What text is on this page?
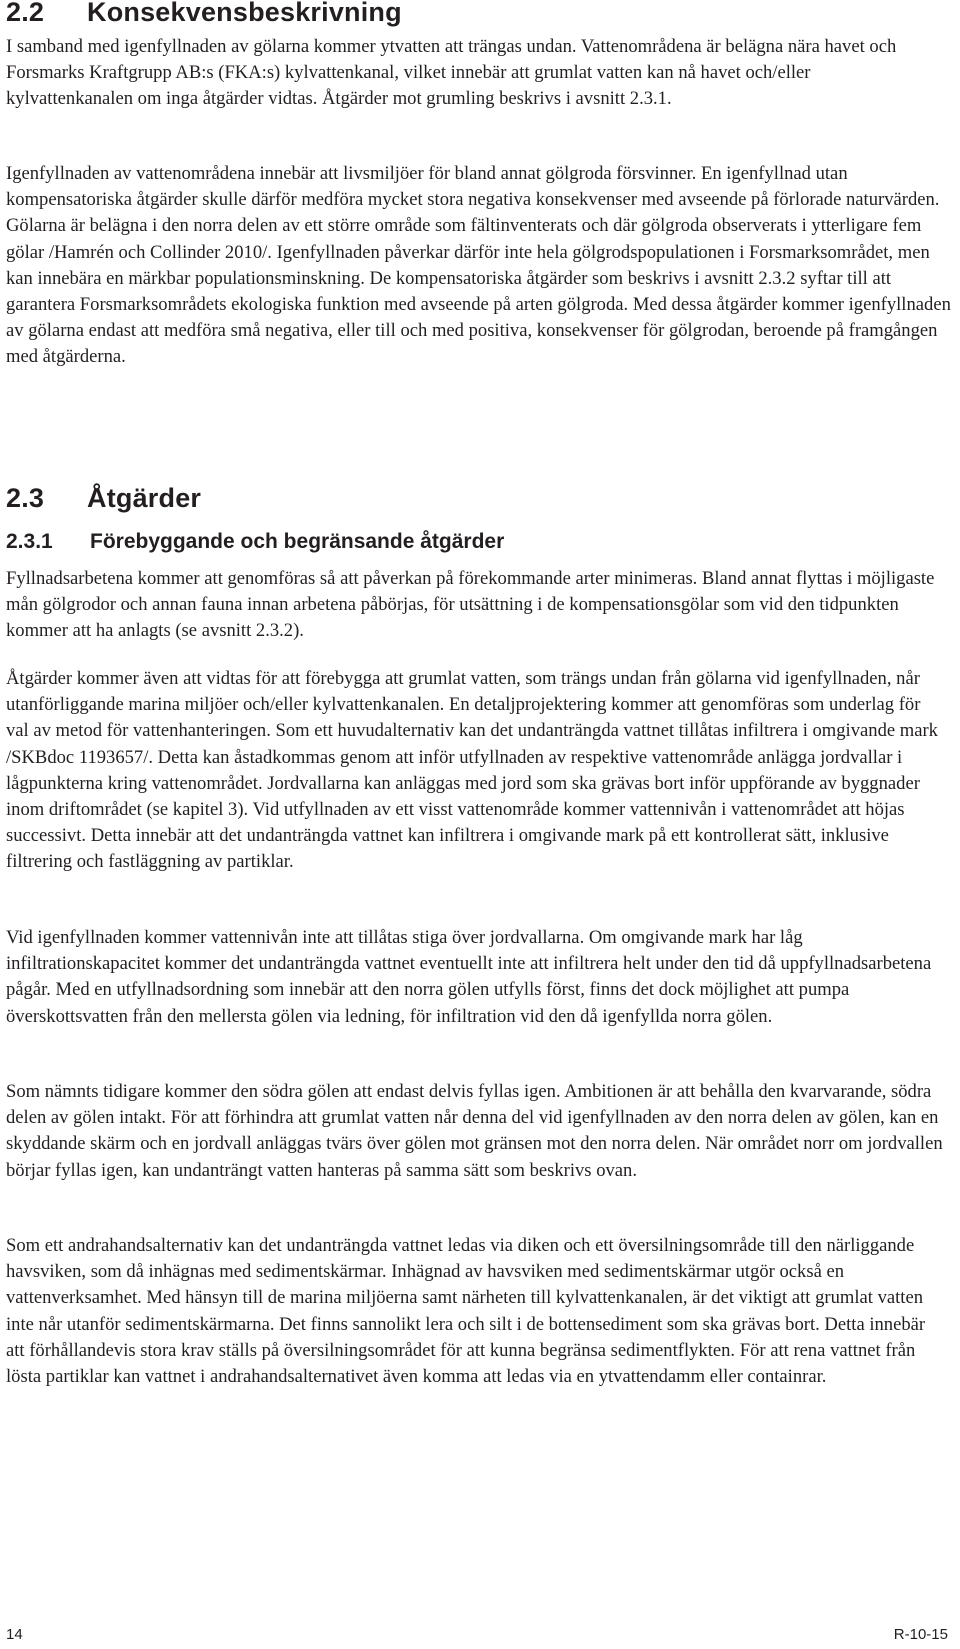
2.2 Konsekvensbeskrivning

I samband med igenfyllnaden av gölarna kommer ytvatten att trängas undan. Vattenområdena är belägna nära havet och Forsmarks Kraftgrupp AB:s (FKA:s) kylvattenkanal, vilket innebär att grumlat vatten kan nå havet och/eller kylvattenkanalen om inga åtgärder vidtas. Åtgärder mot grumling beskrivs i avsnitt 2.3.1.

Igenfyllnaden av vattenområdena innebär att livsmiljöer för bland annat gölgroda försvinner. En igenfyllnad utan kompensatoriska åtgärder skulle därför medföra mycket stora negativa konsekvenser med avseende på förlorade naturvärden. Gölarna är belägna i den norra delen av ett större område som fältinventerats och där gölgroda observerats i ytterligare fem gölar /Hamrén och Collinder 2010/. Igenfyllnaden påverkar därför inte hela gölgrodspopulationen i Forsmarksområdet, men kan innebära en märkbar populationsminskning. De kompensatoriska åtgärder som beskrivs i avsnitt 2.3.2 syftar till att garantera Forsmarksområdets ekologiska funktion med avseende på arten gölgroda. Med dessa åtgärder kommer igenfyllnaden av gölarna endast att medföra små negativa, eller till och med positiva, konsekvenser för gölgrodan, beroende på framgången med åtgärderna.

2.3 Åtgärder
2.3.1 Förebyggande och begränsande åtgärder

Fyllnadsarbetena kommer att genomföras så att påverkan på förekommande arter minimeras. Bland annat flyttas i möjligaste mån gölgrodor och annan fauna innan arbetena påbörjas, för utsättning i de kompensationsgölar som vid den tidpunkten kommer att ha anlagts (se avsnitt 2.3.2).

Åtgärder kommer även att vidtas för att förebygga att grumlat vatten, som trängs undan från gölarna vid igenfyllnaden, når utanförliggande marina miljöer och/eller kylvattenkanalen. En detaljprojektering kommer att genomföras som underlag för val av metod för vattenhanteringen. Som ett huvudalternativ kan det undanträngda vattnet tillåtas infiltrera i omgivande mark /SKBdoc 1193657/. Detta kan åstadkommas genom att inför utfyllnaden av respektive vattenområde anlägga jordvallar i lågpunkterna kring vattenområdet. Jordvallarna kan anläggas med jord som ska grävas bort inför uppförande av byggnader inom driftområdet (se kapitel 3). Vid utfyllnaden av ett visst vattenområde kommer vattennivån i vattenområdet att höjas successivt. Detta innebär att det undanträngda vattnet kan infiltrera i omgivande mark på ett kontrollerat sätt, inklusive filtrering och fastläggning av partiklar.

Vid igenfyllnaden kommer vattennivån inte att tillåtas stiga över jordvallarna. Om omgivande mark har låg infiltrationskapacitet kommer det undanträngda vattnet eventuellt inte att infiltrera helt under den tid då uppfyllnadsarbetena pågår. Med en utfyllnadsordning som innebär att den norra gölen utfylls först, finns det dock möjlighet att pumpa överskottsvatten från den mellersta gölen via ledning, för infiltration vid den då igenfyllda norra gölen.

Som nämnts tidigare kommer den södra gölen att endast delvis fyllas igen. Ambitionen är att behålla den kvarvarande, södra delen av gölen intakt. För att förhindra att grumlat vatten når denna del vid igenfyllnaden av den norra delen av gölen, kan en skyddande skärm och en jordvall anläggas tvärs över gölen mot gränsen mot den norra delen. När området norr om jordvallen börjar fyllas igen, kan undanträngt vatten hanteras på samma sätt som beskrivs ovan.

Som ett andrahandsalternativ kan det undanträngda vattnet ledas via diken och ett översilningsområde till den närliggande havsviken, som då inhägnas med sedimentskärmar. Inhägnad av havsviken med sedimentskärmar utgör också en vattenverksamhet. Med hänsyn till de marina miljöerna samt närheten till kylvattenkanalen, är det viktigt att grumlat vatten inte når utanför sedimentskärmarna. Det finns sannolikt lera och silt i de bottensediment som ska grävas bort. Detta innebär att förhållandevis stora krav ställs på översilningsområdet för att kunna begränsa sedimentflykten. För att rena vattnet från lösta partiklar kan vattnet i andrahandsalternativet även komma att ledas via en ytvattendamm eller containrar.

14	R-10-15
